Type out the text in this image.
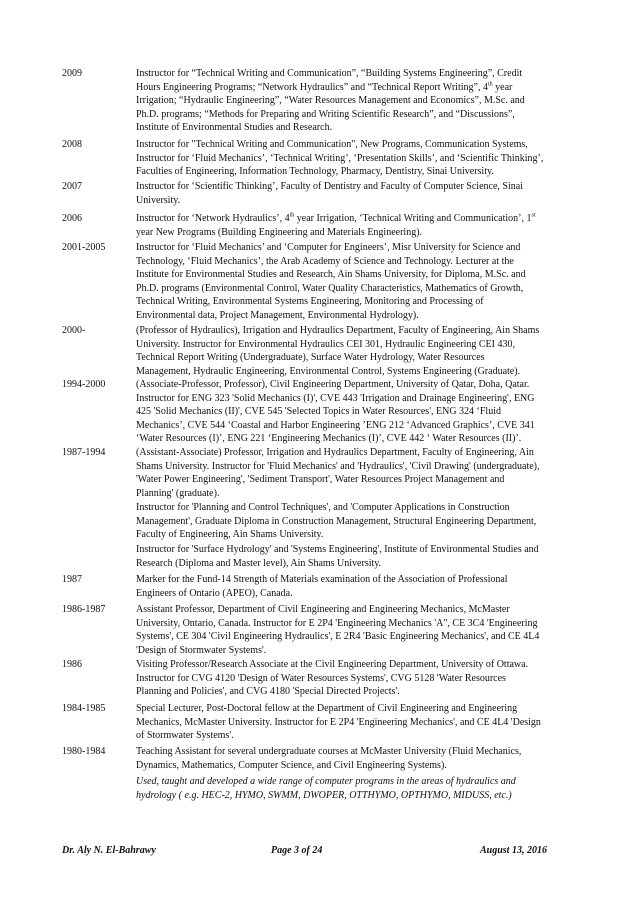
2009	Instructor for “Technical Writing and Communication”, “Building Systems Engineering”, Credit
Hours Engineering Programs; “Network Hydraulics” and “Technical Report Writing”, 4th year
Irrigation; “Hydraulic Engineering”, “Water Resources Management and Economics”, M.Sc. and
Ph.D. programs; “Methods for Preparing and Writing Scientific Research”, and “Discussions”,
Institute of Environmental Studies and Research.
2008	Instructor for "Technical Writing and Communication", New Programs, Communication Systems,
Instructor for ‘Fluid Mechanics’, ‘Technical Writing’, ‘Presentation Skills’, and ‘Scientific Thinking’,
Faculties of Engineering, Information Technology, Pharmacy, Dentistry, Sinai University.
2007	Instructor for ‘Scientific Thinking’, Faculty of Dentistry and Faculty of Computer Science, Sinai
University.
2006	Instructor for ‘Network Hydraulics’, 4th year Irrigation, ‘Technical Writing and Communication’, 1st
year New Programs (Building Engineering and Materials Engineering).
2001-2005	Instructor for ‘Fluid Mechanics’ and ‘Computer for Engineers’, Misr University for Science and
Technology, ‘Fluid Mechanics’, the Arab Academy of Science and Technology. Lecturer at the
Institute for Environmental Studies and Research, Ain Shams University, for Diploma, M.Sc. and
Ph.D. programs (Environmental Control, Water Quality Characteristics, Mathematics of Growth,
Technical Writing, Environmental Systems Engineering, Monitoring and Processing of
Environmental data, Project Management, Environmental Hydrology).
2000-	(Professor of Hydraulics), Irrigation and Hydraulics Department, Faculty of Engineering, Ain Shams
University. Instructor for Environmental Hydraulics CEI 301, Hydraulic Engineering CEI 430,
Technical Report Writing (Undergraduate), Surface Water Hydrology, Water Resources
Management, Hydraulic Engineering, Environmental Control, Systems Engineering (Graduate).
1994-2000	(Associate-Professor, Professor), Civil Engineering Department, University of Qatar, Doha, Qatar.
Instructor for ENG 323 'Solid Mechanics (I)', CVE 443 'Irrigation and Drainage Engineering', ENG
425 'Solid Mechanics (II)', CVE 545 'Selected Topics in Water Resources', ENG 324 ‘Fluid
Mechanics’, CVE 544 ‘Coastal and Harbor Engineering ’ENG 212 ‘Advanced Graphics’, CVE 341
‘Water Resources (I)’, ENG 221 ‘Engineering Mechanics (I)’, CVE 442 ‘ Water Resources (II)’.
1987-1994	(Assistant-Associate) Professor, Irrigation and Hydraulics Department, Faculty of Engineering, Ain
Shams University. Instructor for 'Fluid Mechanics' and 'Hydraulics', 'Civil Drawing' (undergraduate),
'Water Power Engineering', 'Sediment Transport', Water Resources Project Management and
Planning' (graduate).
Instructor for 'Planning and Control Techniques', and 'Computer Applications in Construction
Management', Graduate Diploma in Construction Management, Structural Engineering Department,
Faculty of Engineering, Ain Shams University.
Instructor for 'Surface Hydrology' and 'Systems Engineering', Institute of Environmental Studies and
Research (Diploma and Master level), Ain Shams University.
1987	Marker for the Fund-14 Strength of Materials examination of the Association of Professional
Engineers of Ontario (APEO), Canada.
1986-1987	Assistant Professor, Department of Civil Engineering and Engineering Mechanics, McMaster
University, Ontario, Canada. Instructor for E 2P4 'Engineering Mechanics 'A", CE 3C4 'Engineering
Systems', CE 304 'Civil Engineering Hydraulics', E 2R4 'Basic Engineering Mechanics', and CE 4L4
'Design of Stormwater Systems'.
1986	Visiting Professor/Research Associate at the Civil Engineering Department, University of Ottawa.
Instructor for CVG 4120 'Design of Water Resources Systems', CVG 5128 'Water Resources
Planning and Policies', and CVG 4180 'Special Directed Projects'.
1984-1985	Special Lecturer, Post-Doctoral fellow at the Department of Civil Engineering and Engineering
Mechanics, McMaster University. Instructor for E 2P4 'Engineering Mechanics', and CE 4L4 'Design
of Stormwater Systems'.
1980-1984	Teaching Assistant for several undergraduate courses at McMaster University (Fluid Mechanics,
Dynamics, Mathematics, Computer Science, and Civil Engineering Systems).
Used, taught and developed a wide range of computer programs in the areas of hydraulics and
hydrology ( e.g. HEC-2, HYMO, SWMM, DWOPER, OTTHYMO, OPTHYMO, MIDUSS, etc.)
Dr. Aly N. El-Bahrawy	Page 3 of 24	August 13, 2016
